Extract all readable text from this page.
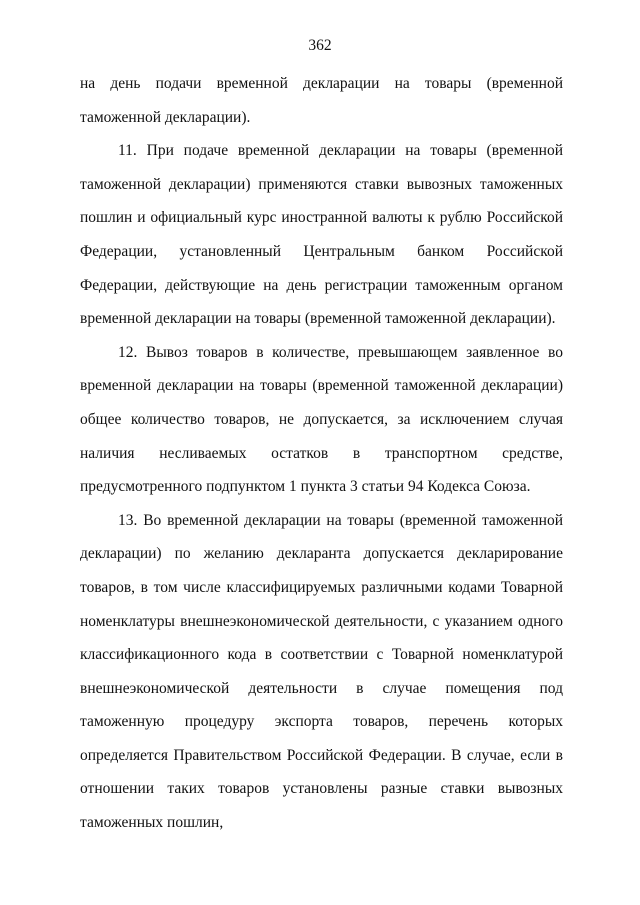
362

на день подачи временной декларации на товары (временной таможенной декларации).

11. При подаче временной декларации на товары (временной таможенной декларации) применяются ставки вывозных таможенных пошлин и официальный курс иностранной валюты к рублю Российской Федерации, установленный Центральным банком Российской Федерации, действующие на день регистрации таможенным органом временной декларации на товары (временной таможенной декларации).

12. Вывоз товаров в количестве, превышающем заявленное во временной декларации на товары (временной таможенной декларации) общее количество товаров, не допускается, за исключением случая наличия несливаемых остатков в транспортном средстве, предусмотренного подпунктом 1 пункта 3 статьи 94 Кодекса Союза.

13. Во временной декларации на товары (временной таможенной декларации) по желанию декларанта допускается декларирование товаров, в том числе классифицируемых различными кодами Товарной номенклатуры внешнеэкономической деятельности, с указанием одного классификационного кода в соответствии с Товарной номенклатурой внешнеэкономической деятельности в случае помещения под таможенную процедуру экспорта товаров, перечень которых определяется Правительством Российской Федерации. В случае, если в отношении таких товаров установлены разные ставки вывозных таможенных пошлин,
